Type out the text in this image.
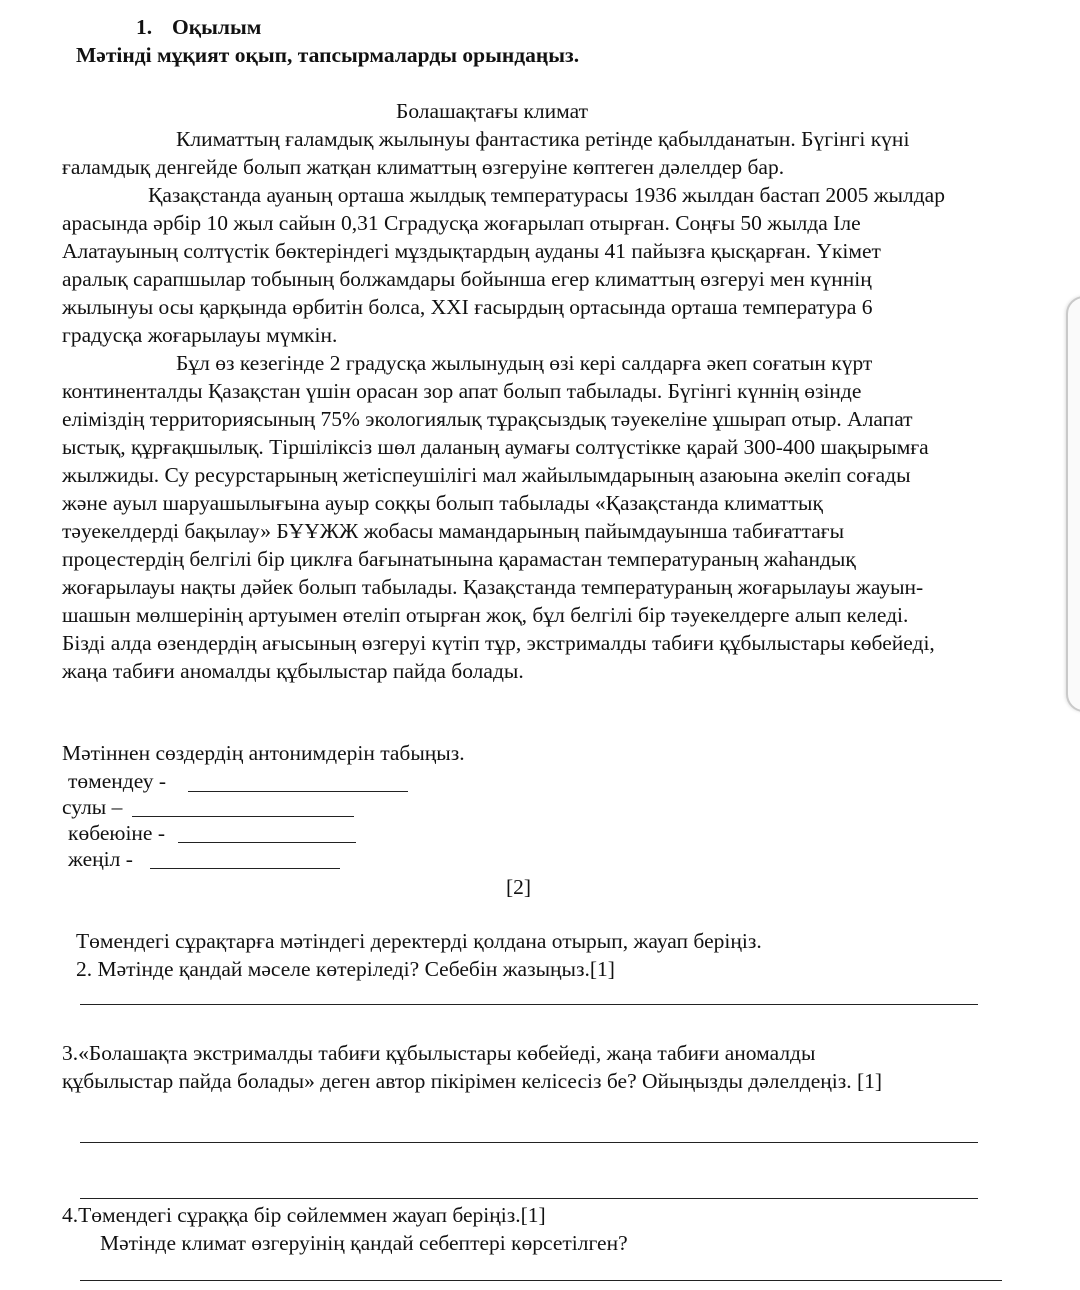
1. Оқылым
Мәтінді мұқият оқып, тапсырмаларды орындаңыз.
Болашақтағы климат
Климаттың ғаламдық жылынуы фантастика ретінде қабылданатын. Бүгінгі күні
ғаламдық денгейде болып жатқан климаттың өзгеруіне көптеген дәлелдер бар.
Қазақстанда ауаның орташа жылдық температурасы 1936 жылдан бастап 2005 жылдар
арасында әрбір 10 жыл сайын 0,31 Cградусқа жоғарылап отырған. Соңғы 50 жылда Іле
Алатауының солтүстік бөктеріндегі мұздықтардың ауданы 41 пайызға қысқарған. Үкімет
аралық сарапшылар тобының болжамдары бойынша егер климаттың өзгеруі мен күннің
жылынуы осы қарқында өрбитін болса, ХХІ ғасырдың ортасында орташа температура 6
градусқа жоғарылауы мүмкін.
Бұл өз кезегінде 2 градусқа жылынудың өзі кері салдарға әкеп соғатын күрт
континенталды Қазақстан үшін орасан зор апат болып табылады. Бүгінгі күннің өзінде
еліміздің территориясының 75% экологиялық тұрақсыздық тәуекеліне ұшырап отыр. Алапат
ыстық, құрғақшылық. Тіршіліксіз шөл даланың аумағы солтүстікке қарай 300-400 шақырымға
жылжиды. Су ресурстарының жетіспеушілігі мал жайылымдарының азаюына әкеліп соғады
және ауыл шаруашылығына ауыр соққы болып табылады «Қазақстанда климаттық
тәуекелдерді бақылау» БҰҰЖЖ жобасы мамандарының пайымдауынша табиғаттағы
процестердің белгілі бір циклға бағынатынына қарамастан температураның жаһандық
жоғарылауы нақты дәйек болып табылады. Қазақстанда температураның жоғарылауы жауын-
шашын мөлшерінің артуымен өтеліп отырған жоқ, бұл белгілі бір тәуекелдерге алып келеді.
Бізді алда өзендердің ағысының өзгеруі күтіп тұр, экстрималды табиғи құбылыстары көбейеді,
жаңа табиғи аномалды құбылыстар пайда болады.
Мәтіннен сөздердің антонимдерін табыңыз.
төмендеу -
сулы –
көбеюіне -
жеңіл -
[2]
Төмендегі сұрақтарға мәтіндегі деректерді қолдана отырып, жауап беріңіз.
2. Мәтінде қандай мәселе көтеріледі? Себебін жазыңыз.[1]
3.«Болашақта экстрималды табиғи құбылыстары көбейеді, жаңа табиғи аномалды
құбылыстар пайда болады» деген автор пікірімен келісесіз бе? Ойыңызды дәлелдеңіз. [1]
4.Төмендегі сұраққа бір сөйлеммен жауап беріңіз.[1]
Мәтінде климат өзгеруінің қандай себептері көрсетілген?
